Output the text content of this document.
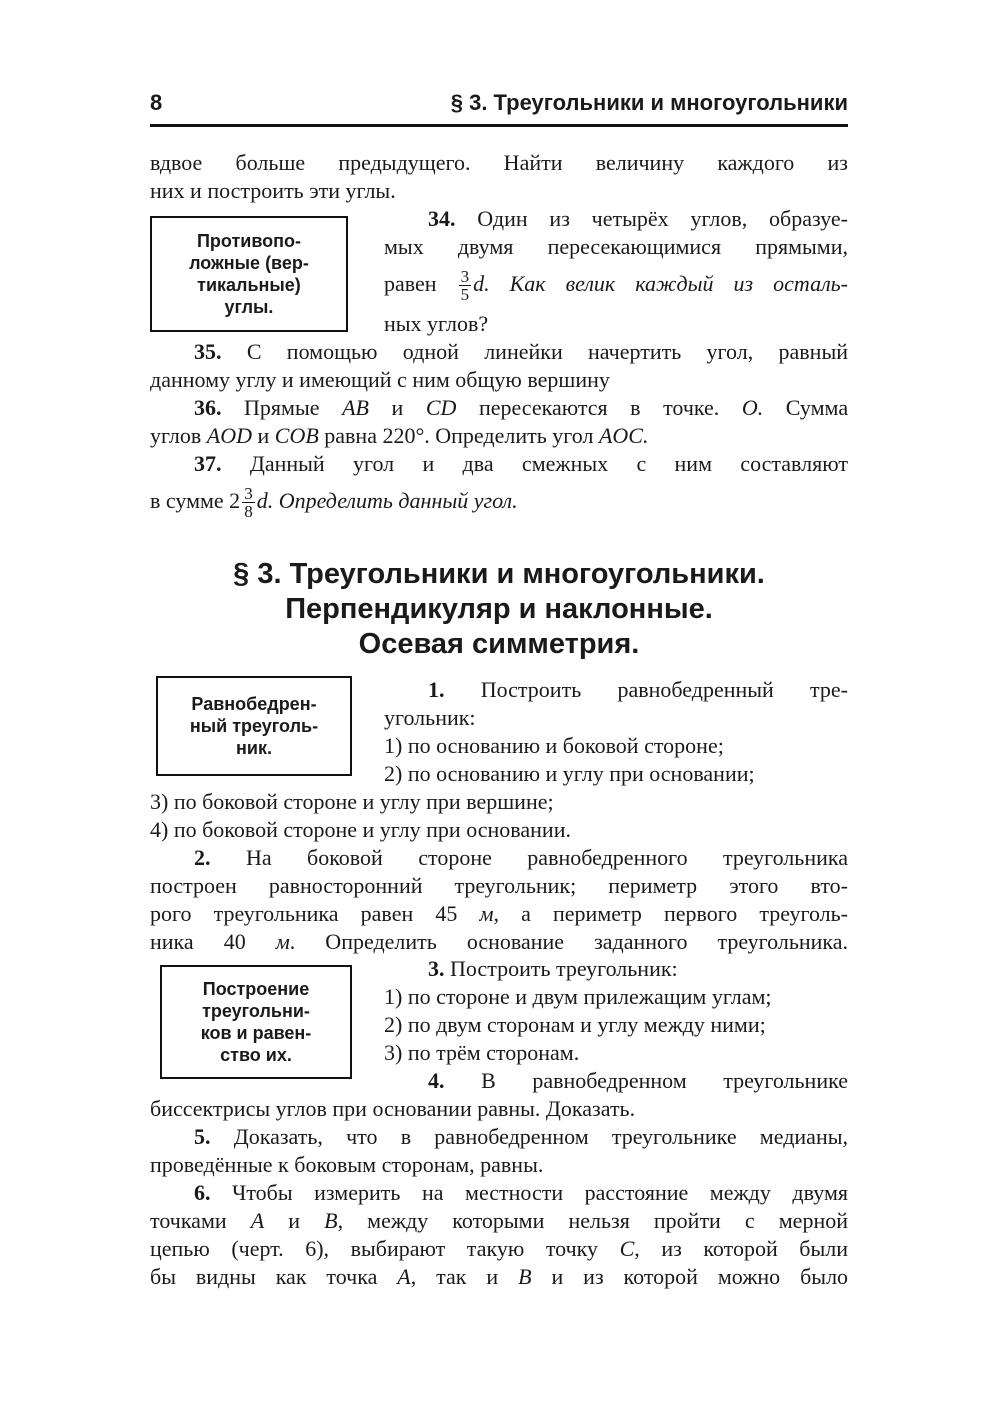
8	§ 3. Треугольники и многоугольники
вдвое больше предыдущего. Найти величину каждого из
них и построить эти углы.
Противопо-
ложные (вер-
тикальные)
углы.
34. Один из четырёх углов, образуе-
мых двумя пересекающимися прямыми,
равен $\frac{3}{5} d$. Как велик каждый из осталь-
ных углов?
35. С помощью одной линейки начертить угол, равный
данному углу и имеющий с ним общую вершину
36. Прямые AB и CD пересекаются в точке. O. Сумма
углов AOD и COB равна 220°. Определить угол AOC.
37. Данный угол и два смежных с ним составляют
в сумме $2 \frac{3}{8} d$. Определить данный угол.
§ 3. Треугольники и многоугольники.
Перпендикуляр и наклонные.
Осевая симметрия.
Равнобедрен-
ный треуголь-
ник.
1. Построить равнобедренный тре-
угольник:
1) по основанию и боковой стороне;
2) по основанию и углу при основании;
3) по боковой стороне и углу при вершине;
4) по боковой стороне и углу при основании.
2. На боковой стороне равнобедренного треугольника
построен равносторонний треугольник; периметр этого вто-
рого треугольника равен 45 м, а периметр первого треуголь-
ника 40 м. Определить основание заданного треугольника.
Построение
треугольни-
ков и равен-
ство их.
3. Построить треугольник:
1) по стороне и двум прилежащим углам;
2) по двум сторонам и углу между ними;
3) по трём сторонам.
4. В равнобедренном треугольнике
биссектрисы углов при основании равны. Доказать.
5. Доказать, что в равнобедренном треугольнике медианы,
проведённые к боковым сторонам, равны.
6. Чтобы измерить на местности расстояние между двумя
точками A и B, между которыми нельзя пройти с мерной
цепью (черт. 6), выбирают такую точку C, из которой были
бы видны как точка A, так и B и из которой можно было
